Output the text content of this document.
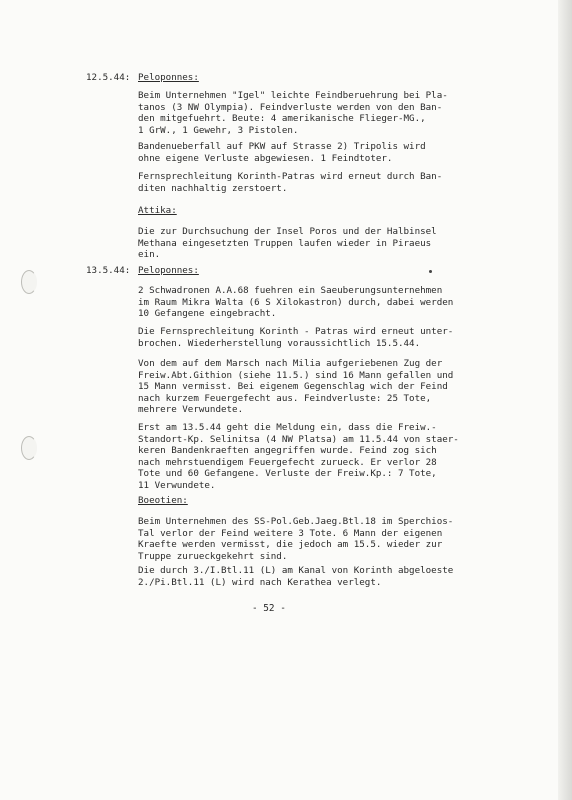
12.5.44: Peloponnes:
Beim Unternehmen "Igel" leichte Feindberuehrung bei Pla-
tanos (3 NW Olympia). Feindverluste werden von den Ban-
den mitgefuehrt. Beute: 4 amerikanische Flieger-MG.,
1 GrW., 1 Gewehr, 3 Pistolen.
Bandenueberfall auf PKW auf Strasse 2) Tripolis wird
ohne eigene Verluste abgewiesen. 1 Feindtoter.
Fernsprechleitung Korinth-Patras wird erneut durch Ban-
diten nachhaltig zerstoert.
Attika:
Die zur Durchsuchung der Insel Poros und der Halbinsel
Methana eingesetzten Truppen laufen wieder in Piraeus
ein.
13.5.44: Peloponnes:
2 Schwadronen A.A.68 fuehren ein Saeuberungsunternehmen
im Raum Mikra Walta (6 S Xilokastron) durch, dabei werden
10 Gefangene eingebracht.
Die Fernsprechleitung Korinth - Patras wird erneut unter-
brochen. Wiederherstellung voraussichtlich 15.5.44.
Von dem auf dem Marsch nach Milia aufgeriebenen Zug der
Freiw.Abt.Githion (siehe 11.5.) sind 16 Mann gefallen und
15 Mann vermisst. Bei eigenem Gegenschlag wich der Feind
nach kurzem Feuergefecht aus. Feindverluste: 25 Tote,
mehrere Verwundete.
Erst am 13.5.44 geht die Meldung ein, dass die Freiw.-
Standort-Kp. Selinitsa (4 NW Platsa) am 11.5.44 von staer-
keren Bandenkraeften angegriffen wurde. Feind zog sich
nach mehrstuendigem Feuergefecht zurueck. Er verlor 28
Tote und 60 Gefangene. Verluste der Freiw.Kp.: 7 Tote,
11 Verwundete.
Boeotien:
Beim Unternehmen des SS-Pol.Geb.Jaeg.Btl.18 im Sperchios-
Tal verlor der Feind weitere 3 Tote. 6 Mann der eigenen
Kraefte werden vermisst, die jedoch am 15.5. wieder zur
Truppe zurueckgekehrt sind.
Die durch 3./I.Btl.11 (L) am Kanal von Korinth abgeloeste
2./Pi.Btl.11 (L) wird nach Kerathea verlegt.
- 52 -
